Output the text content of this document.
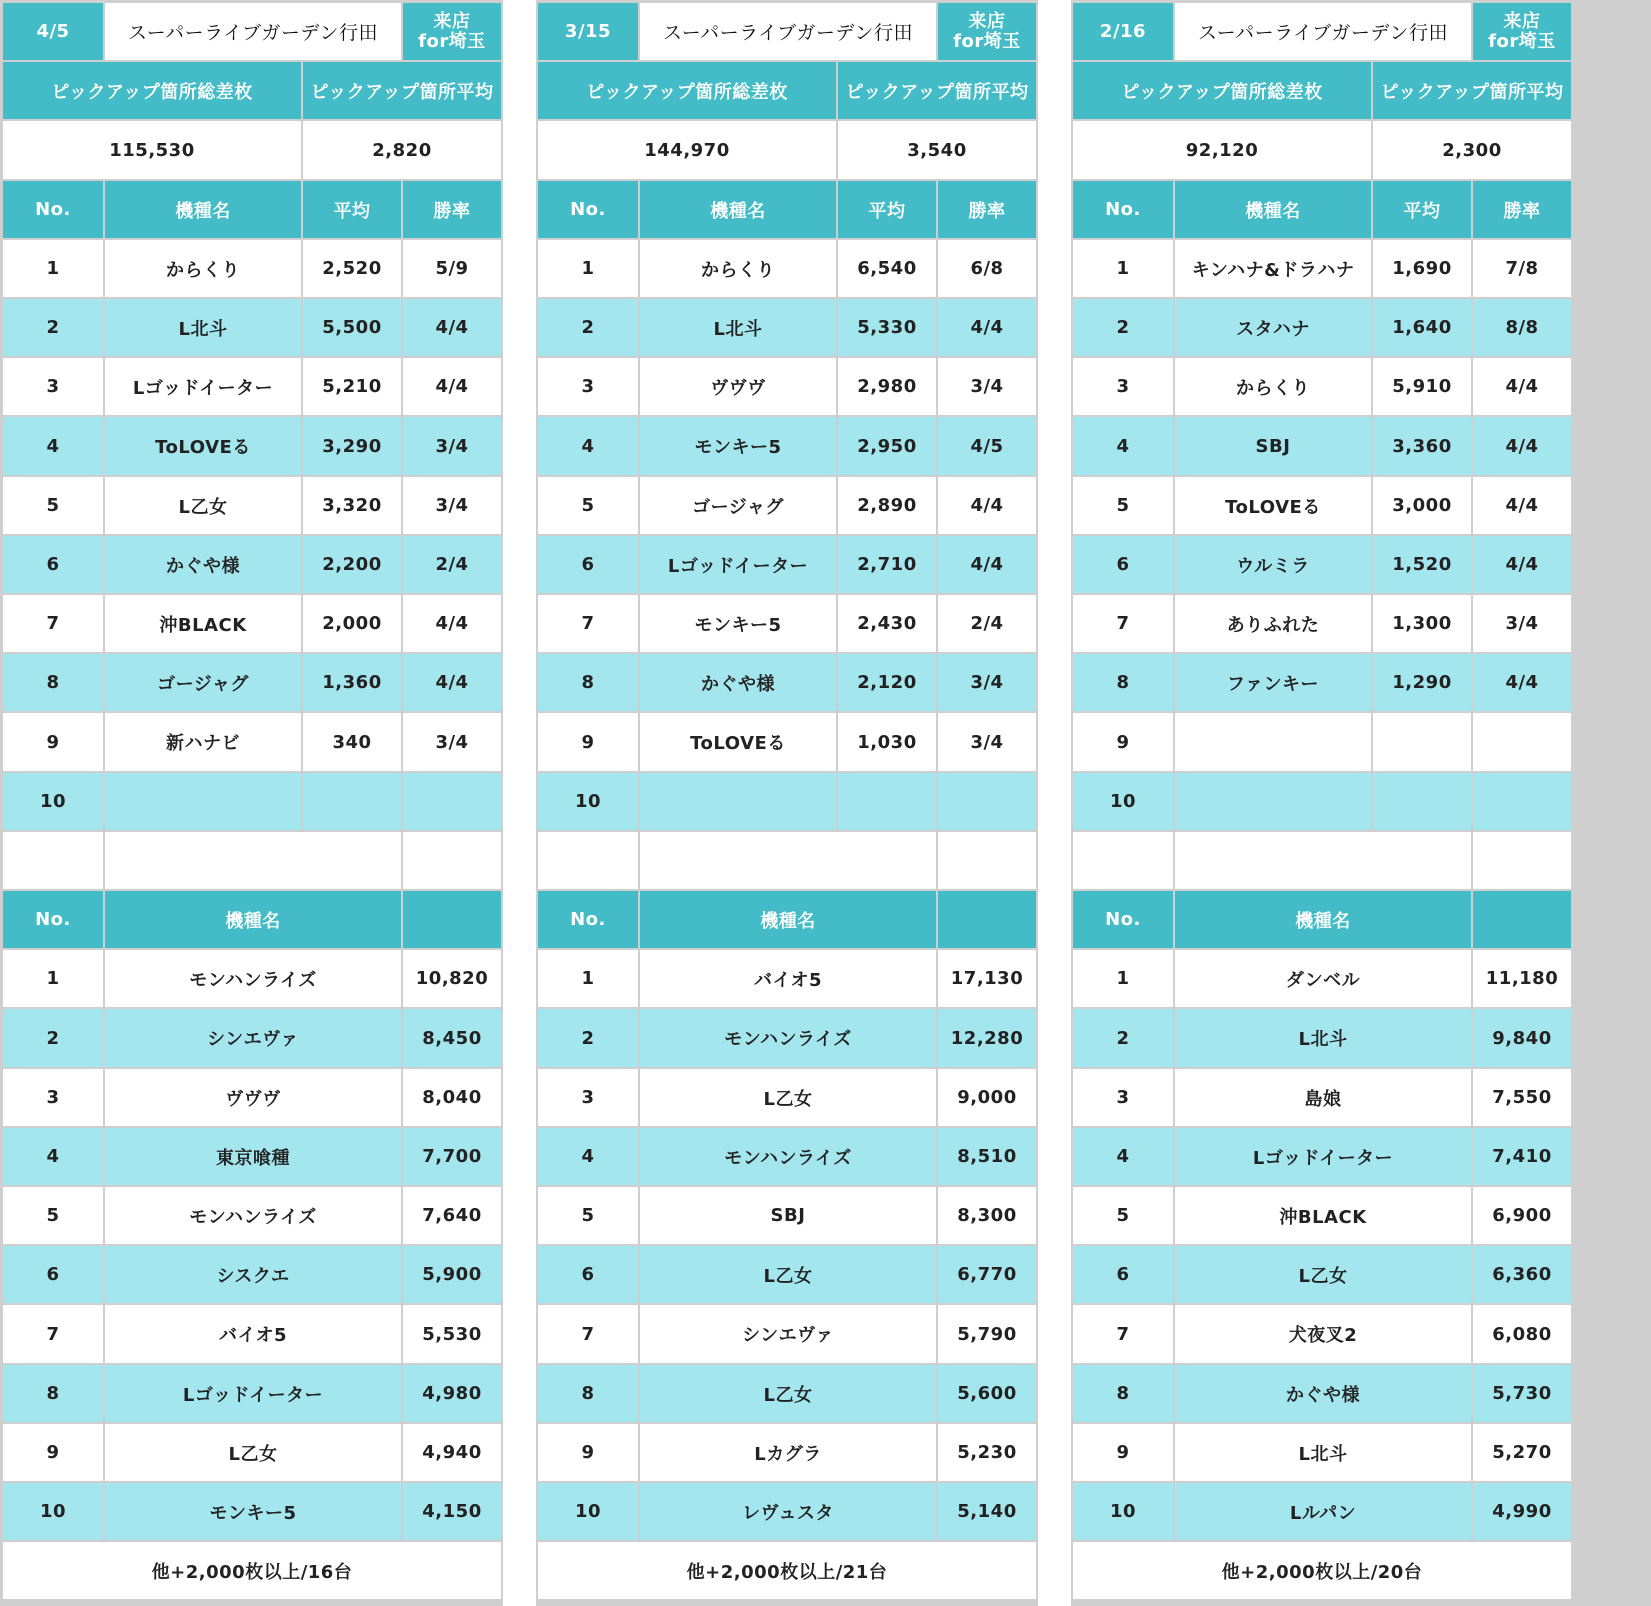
4/5	スーパーライブガーデン行田
来店
for埼玉
ピックアップ箇所総差枚	ピックアップ箇所平均
115,530	2,820
No.	機種名	平均	勝率
1	からくり	2,520	5/9
2	L北斗	5,500	4/4
3	Lゴッドイーター	5,210	4/4
4	ToLOVEる	3,290	3/4
5	L乙女	3,320	3/4
6	かぐや様	2,200	2/4
7	沖BLACK	2,000	4/4
8	ゴージャグ	1,360	4/4
9	新ハナビ	340	3/4
10
No.	機種名
1	モンハンライズ	10,820
2	シンエヴァ	8,450
3	ヴヴヴ	8,040
4	東京喰種	7,700
5	モンハンライズ	7,640
6	シスクエ	5,900
7	バイオ5	5,530
8	Lゴッドイーター	4,980
9	L乙女	4,940
10	モンキー5	4,150
他+2,000枚以上/16台
3/15	スーパーライブガーデン行田
来店
for埼玉
ピックアップ箇所総差枚	ピックアップ箇所平均
144,970	3,540
No.	機種名	平均	勝率
1	からくり	6,540	6/8
2	L北斗	5,330	4/4
3	ヴヴヴ	2,980	3/4
4	モンキー5	2,950	4/5
5	ゴージャグ	2,890	4/4
6	Lゴッドイーター	2,710	4/4
7	モンキー5	2,430	2/4
8	かぐや様	2,120	3/4
9	ToLOVEる	1,030	3/4
10
No.	機種名
1	バイオ5	17,130
2	モンハンライズ	12,280
3	L乙女	9,000
4	モンハンライズ	8,510
5	SBJ	8,300
6	L乙女	6,770
7	シンエヴァ	5,790
8	L乙女	5,600
9	Lカグラ	5,230
10	レヴュスタ	5,140
他+2,000枚以上/21台
2/16	スーパーライブガーデン行田
来店
for埼玉
ピックアップ箇所総差枚	ピックアップ箇所平均
92,120	2,300
No.	機種名	平均	勝率
1	キンハナ&ドラハナ	1,690	7/8
2	スタハナ	1,640	8/8
3	からくり	5,910	4/4
4	SBJ	3,360	4/4
5	ToLOVEる	3,000	4/4
6	ウルミラ	1,520	4/4
7	ありふれた	1,300	3/4
8	ファンキー	1,290	4/4
9
10
No.	機種名
1	ダンベル	11,180
2	L北斗	9,840
3	島娘	7,550
4	Lゴッドイーター	7,410
5	沖BLACK	6,900
6	L乙女	6,360
7	犬夜叉2	6,080
8	かぐや様	5,730
9	L北斗	5,270
10	Lルパン	4,990
他+2,000枚以上/20台
